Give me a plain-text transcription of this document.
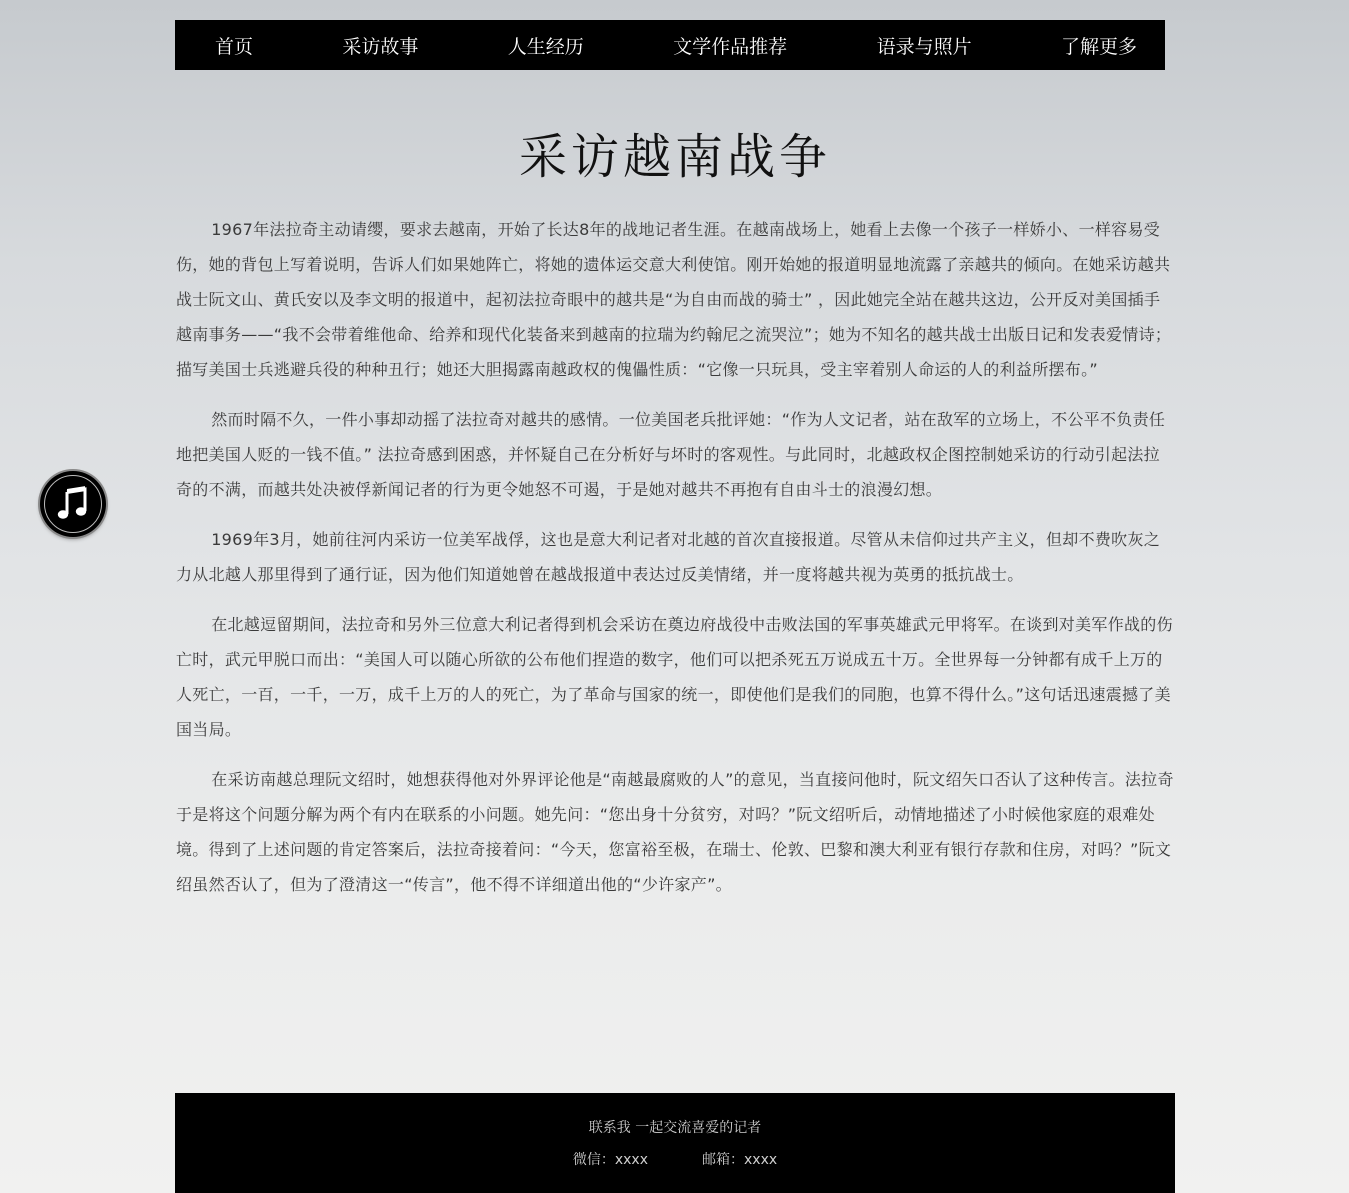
首页	采访故事	人生经历	文学作品推荐	语录与照片	了解更多
采访越南战争

1967年法拉奇主动请缨，要求去越南，开始了长达8年的战地记者生涯。在越南战场上，她看上去像一个孩子一样娇小、一样容易受伤，她的背包上写着说明，告诉人们如果她阵亡，将她的遗体运交意大利使馆。刚开始她的报道明显地流露了亲越共的倾向。在她采访越共战士阮文山、黄氏安以及李文明的报道中，起初法拉奇眼中的越共是“为自由而战的骑士” ，因此她完全站在越共这边，公开反对美国插手越南事务——“我不会带着维他命、给养和现代化装备来到越南的拉瑞为约翰尼之流哭泣”；她为不知名的越共战士出版日记和发表爱情诗；描写美国士兵逃避兵役的种种丑行；她还大胆揭露南越政权的傀儡性质：“它像一只玩具，受主宰着别人命运的人的利益所摆布。”

然而时隔不久，一件小事却动摇了法拉奇对越共的感情。一位美国老兵批评她：“作为人文记者，站在敌军的立场上，不公平不负责任地把美国人贬的一钱不值。” 法拉奇感到困惑，并怀疑自己在分析好与坏时的客观性。与此同时，北越政权企图控制她采访的行动引起法拉奇的不满，而越共处决被俘新闻记者的行为更令她怒不可遏，于是她对越共不再抱有自由斗士的浪漫幻想。

1969年3月，她前往河内采访一位美军战俘，这也是意大利记者对北越的首次直接报道。尽管从未信仰过共产主义，但却不费吹灰之力从北越人那里得到了通行证，因为他们知道她曾在越战报道中表达过反美情绪，并一度将越共视为英勇的抵抗战士。

在北越逗留期间，法拉奇和另外三位意大利记者得到机会采访在奠边府战役中击败法国的军事英雄武元甲将军。在谈到对美军作战的伤亡时，武元甲脱口而出：“美国人可以随心所欲的公布他们捏造的数字，他们可以把杀死五万说成五十万。全世界每一分钟都有成千上万的人死亡，一百，一千，一万，成千上万的人的死亡，为了革命与国家的统一，即使他们是我们的同胞，也算不得什么。”这句话迅速震撼了美国当局。

在采访南越总理阮文绍时，她想获得他对外界评论他是“南越最腐败的人”的意见，当直接问他时，阮文绍矢口否认了这种传言。法拉奇于是将这个问题分解为两个有内在联系的小问题。她先问：“您出身十分贫穷，对吗？”阮文绍听后，动情地描述了小时候他家庭的艰难处境。得到了上述问题的肯定答案后，法拉奇接着问：“今天，您富裕至极，在瑞士、伦敦、巴黎和澳大利亚有银行存款和住房，对吗？”阮文绍虽然否认了，但为了澄清这一“传言”，他不得不详细道出他的“少许家产”。

联系我 一起交流喜爱的记者
微信：xxxx	邮箱：xxxx
